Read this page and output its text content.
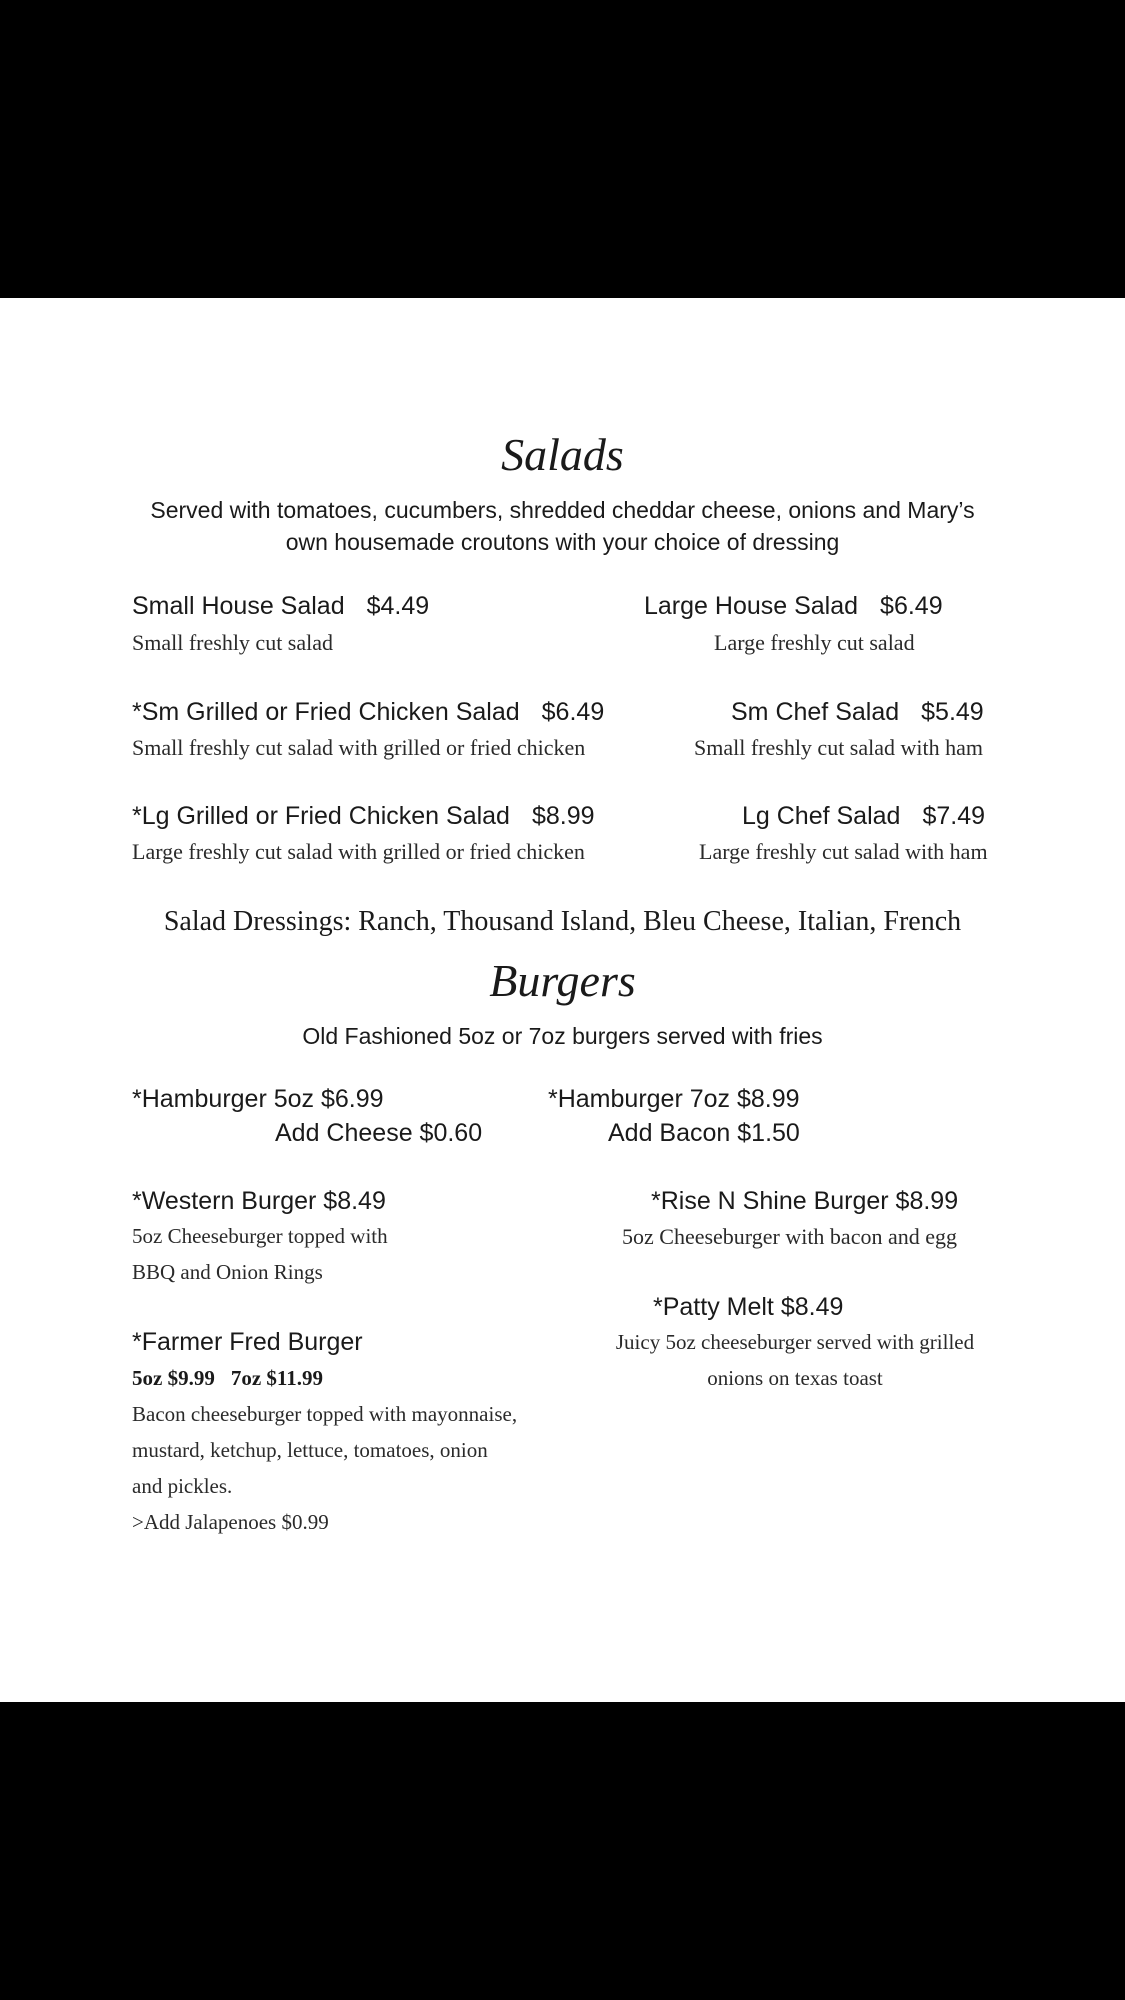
Salads
Served with tomatoes, cucumbers, shredded cheddar cheese, onions and Mary’s
own housemade croutons with your choice of dressing
Small House Salad $4.49
Small freshly cut salad
Large House Salad $6.49
Large freshly cut salad
*Sm Grilled or Fried Chicken Salad $6.49
Small freshly cut salad with grilled or fried chicken
Sm Chef Salad $5.49
Small freshly cut salad with ham
*Lg Grilled or Fried Chicken Salad $8.99
Large freshly cut salad with grilled or fried chicken
Lg Chef Salad $7.49
Large freshly cut salad with ham
Salad Dressings: Ranch, Thousand Island, Bleu Cheese, Italian, French
Burgers
Old Fashioned 5oz or 7oz burgers served with fries
*Hamburger 5oz $6.99
Add Cheese $0.60
*Hamburger 7oz $8.99
Add Bacon $1.50
*Western Burger $8.49
5oz Cheeseburger topped with
BBQ and Onion Rings
*Rise N Shine Burger $8.99
5oz Cheeseburger with bacon and egg
*Patty Melt $8.49
Juicy 5oz cheeseburger served with grilled
onions on texas toast
*Farmer Fred Burger
5oz $9.99 7oz $11.99
Bacon cheeseburger topped with mayonnaise,
mustard, ketchup, lettuce, tomatoes, onion
and pickles.
>Add Jalapenoes $0.99
